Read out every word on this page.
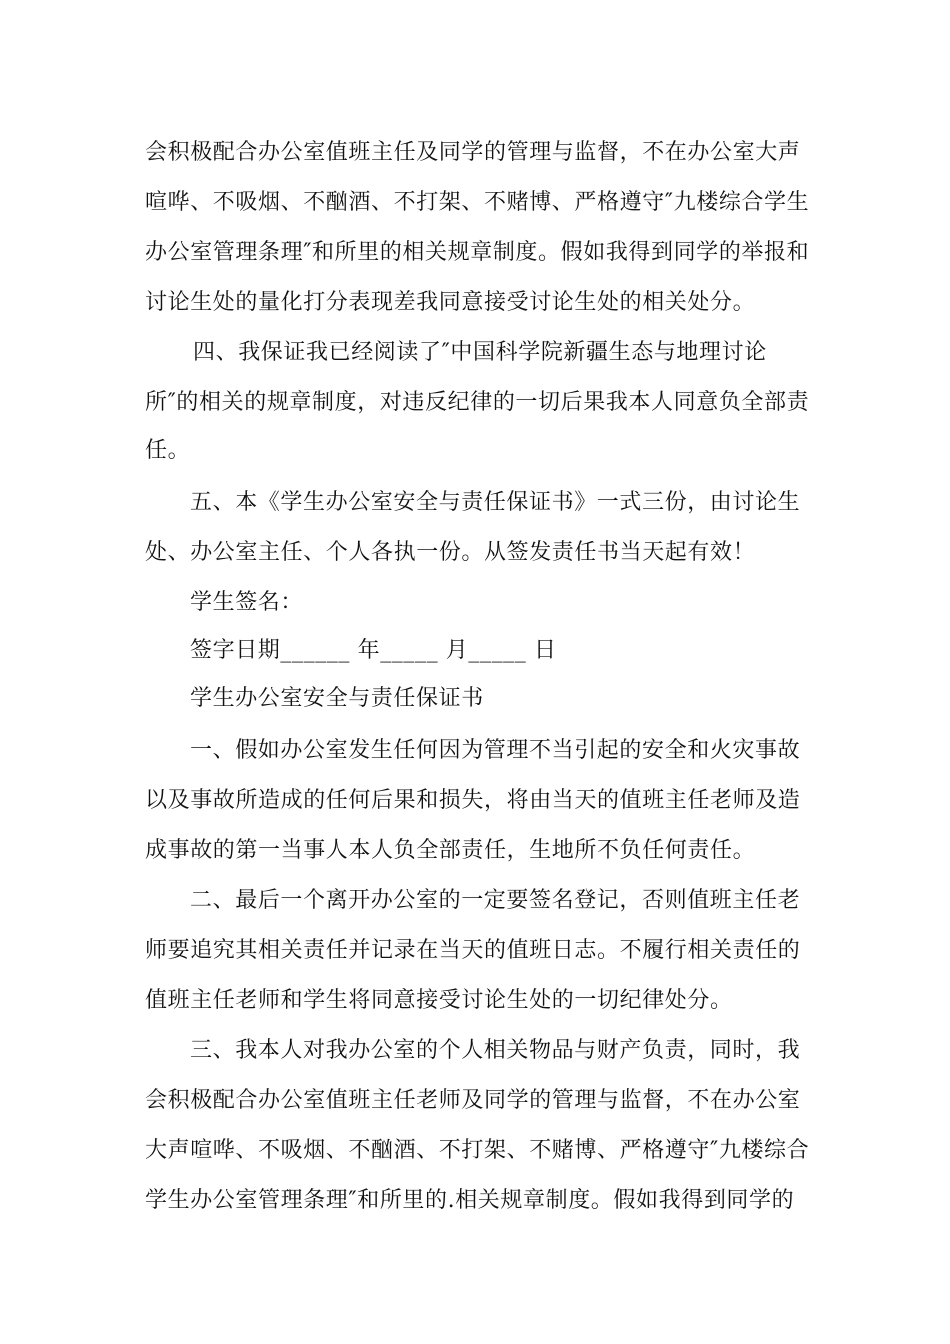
会积极配合办公室值班主任及同学的管理与监督，不在办公室大声
喧哗、不吸烟、不酗酒、不打架、不赌博、严格遵守″九楼综合学生
办公室管理条理″和所里的相关规章制度。假如我得到同学的举报和
讨论生处的量化打分表现差我同意接受讨论生处的相关处分。
四、我保证我已经阅读了″中国科学院新疆生态与地理讨论
所″的相关的规章制度，对违反纪律的一切后果我本人同意负全部责
任。
五、本《学生办公室安全与责任保证书》一式三份，由讨论生
处、办公室主任、个人各执一份。从签发责任书当天起有效！
学生签名：
签字日期______ 年_____ 月_____ 日
学生办公室安全与责任保证书
一、假如办公室发生任何因为管理不当引起的安全和火灾事故
以及事故所造成的任何后果和损失，将由当天的值班主任老师及造
成事故的第一当事人本人负全部责任，生地所不负任何责任。
二、最后一个离开办公室的一定要签名登记，否则值班主任老
师要追究其相关责任并记录在当天的值班日志。不履行相关责任的
值班主任老师和学生将同意接受讨论生处的一切纪律处分。
三、我本人对我办公室的个人相关物品与财产负责，同时，我
会积极配合办公室值班主任老师及同学的管理与监督，不在办公室
大声喧哗、不吸烟、不酗酒、不打架、不赌博、严格遵守″九楼综合
学生办公室管理条理″和所里的.相关规章制度。假如我得到同学的
